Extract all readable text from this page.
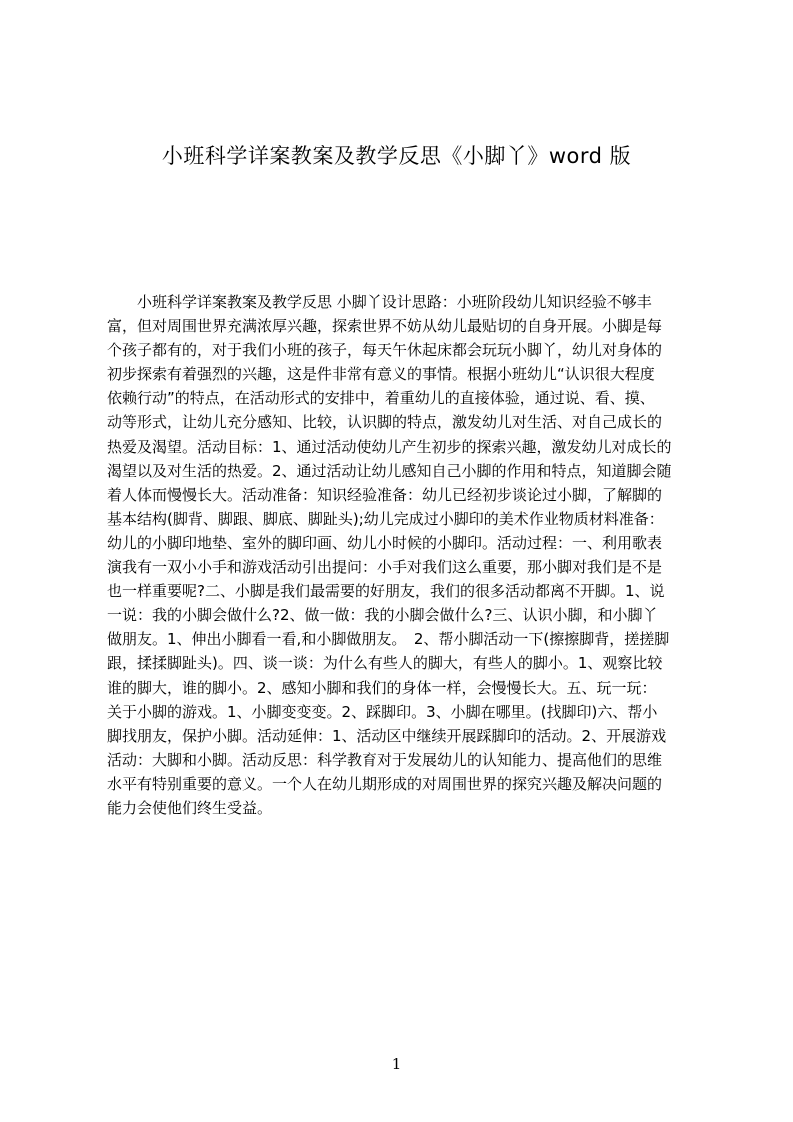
小班科学详案教案及教学反思《小脚丫》word 版
　　小班科学详案教案及教学反思 小脚丫设计思路：小班阶段幼儿知识经验不够丰
富，但对周围世界充满浓厚兴趣，探索世界不妨从幼儿最贴切的自身开展。小脚是每
个孩子都有的，对于我们小班的孩子，每天午休起床都会玩玩小脚丫，幼儿对身体的
初步探索有着强烈的兴趣，这是件非常有意义的事情。根据小班幼儿“认识很大程度
依赖行动”的特点，在活动形式的安排中，着重幼儿的直接体验，通过说、看、摸、
动等形式，让幼儿充分感知、比较，认识脚的特点，激发幼儿对生活、对自己成长的
热爱及渴望。活动目标：1、通过活动使幼儿产生初步的探索兴趣，激发幼儿对成长的
渴望以及对生活的热爱。2、通过活动让幼儿感知自己小脚的作用和特点，知道脚会随
着人体而慢慢长大。活动准备：知识经验准备：幼儿已经初步谈论过小脚，了解脚的
基本结构(脚背、脚跟、脚底、脚趾头);幼儿完成过小脚印的美术作业物质材料准备：
幼儿的小脚印地垫、室外的脚印画、幼儿小时候的小脚印。活动过程：一、利用歌表
演我有一双小小手和游戏活动引出提问：小手对我们这么重要，那小脚对我们是不是
也一样重要呢?二、小脚是我们最需要的好朋友，我们的很多活动都离不开脚。1、说
一说：我的小脚会做什么?2、做一做：我的小脚会做什么?三、认识小脚，和小脚丫
做朋友。1、伸出小脚看一看,和小脚做朋友。　2、帮小脚活动一下(擦擦脚背，搓搓脚
跟，揉揉脚趾头)。四、谈一谈：为什么有些人的脚大，有些人的脚小。1、观察比较
谁的脚大，谁的脚小。2、感知小脚和我们的身体一样，会慢慢长大。五、玩一玩：
关于小脚的游戏。1、小脚变变变。2、踩脚印。3、小脚在哪里。(找脚印)六、帮小
脚找朋友，保护小脚。活动延伸：1、活动区中继续开展踩脚印的活动。2、开展游戏
活动：大脚和小脚。活动反思：科学教育对于发展幼儿的认知能力、提高他们的思维
水平有特别重要的意义。一个人在幼儿期形成的对周围世界的探究兴趣及解决问题的
能力会使他们终生受益。
1
